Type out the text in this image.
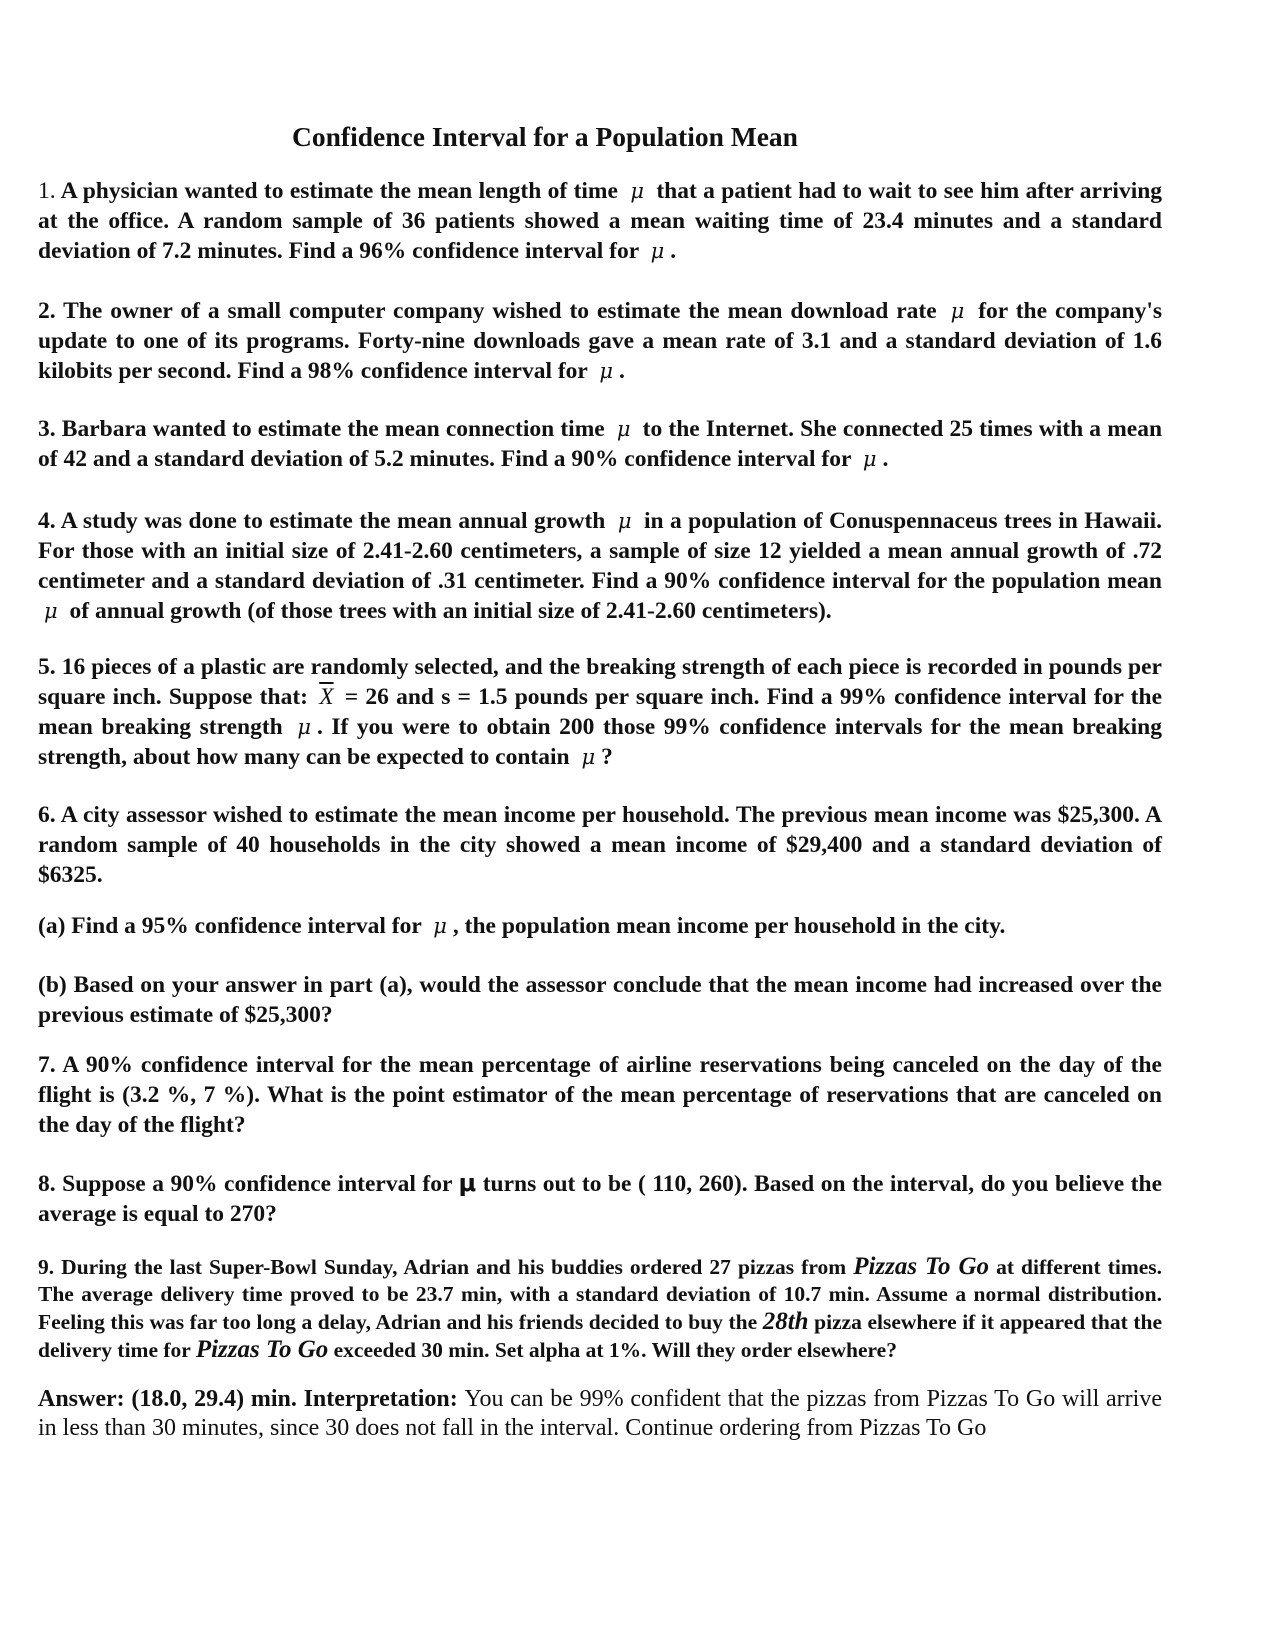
Confidence Interval for a Population Mean
1. A physician wanted to estimate the mean length of time μ that a patient had to wait to see him after arriving at the office. A random sample of 36 patients showed a mean waiting time of 23.4 minutes and a standard deviation of 7.2 minutes. Find a 96% confidence interval for μ .
2. The owner of a small computer company wished to estimate the mean download rate μ for the company's update to one of its programs. Forty-nine downloads gave a mean rate of 3.1 and a standard deviation of 1.6 kilobits per second. Find a 98% confidence interval for μ .
3. Barbara wanted to estimate the mean connection time μ to the Internet. She connected 25 times with a mean of 42 and a standard deviation of 5.2 minutes. Find a 90% confidence interval for μ .
4. A study was done to estimate the mean annual growth μ in a population of Conuspennaceus trees in Hawaii. For those with an initial size of 2.41-2.60 centimeters, a sample of size 12 yielded a mean annual growth of .72 centimeter and a standard deviation of .31 centimeter. Find a 90% confidence interval for the population mean μ of annual growth (of those trees with an initial size of 2.41-2.60 centimeters).
5. 16 pieces of a plastic are randomly selected, and the breaking strength of each piece is recorded in pounds per square inch. Suppose that: $\overline{X} = 26$ and s = 1.5 pounds per square inch. Find a 99% confidence interval for the mean breaking strength μ . If you were to obtain 200 those 99% confidence intervals for the mean breaking strength, about how many can be expected to contain μ ?
6. A city assessor wished to estimate the mean income per household. The previous mean income was $25,300. A random sample of 40 households in the city showed a mean income of $29,400 and a standard deviation of $6325.
(a) Find a 95% confidence interval for μ , the population mean income per household in the city.
(b) Based on your answer in part (a), would the assessor conclude that the mean income had increased over the previous estimate of $25,300?
7. A 90% confidence interval for the mean percentage of airline reservations being canceled on the day of the flight is (3.2 %, 7 %). What is the point estimator of the mean percentage of reservations that are canceled on the day of the flight?
8. Suppose a 90% confidence interval for μ turns out to be ( 110, 260). Based on the interval, do you believe the average is equal to 270?
9. During the last Super-Bowl Sunday, Adrian and his buddies ordered 27 pizzas from Pizzas To Go at different times. The average delivery time proved to be 23.7 min, with a standard deviation of 10.7 min. Assume a normal distribution. Feeling this was far too long a delay, Adrian and his friends decided to buy the 28th pizza elsewhere if it appeared that the delivery time for Pizzas To Go exceeded 30 min. Set alpha at 1%. Will they order elsewhere?
Answer: (18.0, 29.4) min. Interpretation: You can be 99% confident that the pizzas from Pizzas To Go will arrive in less than 30 minutes, since 30 does not fall in the interval. Continue ordering from Pizzas To Go
